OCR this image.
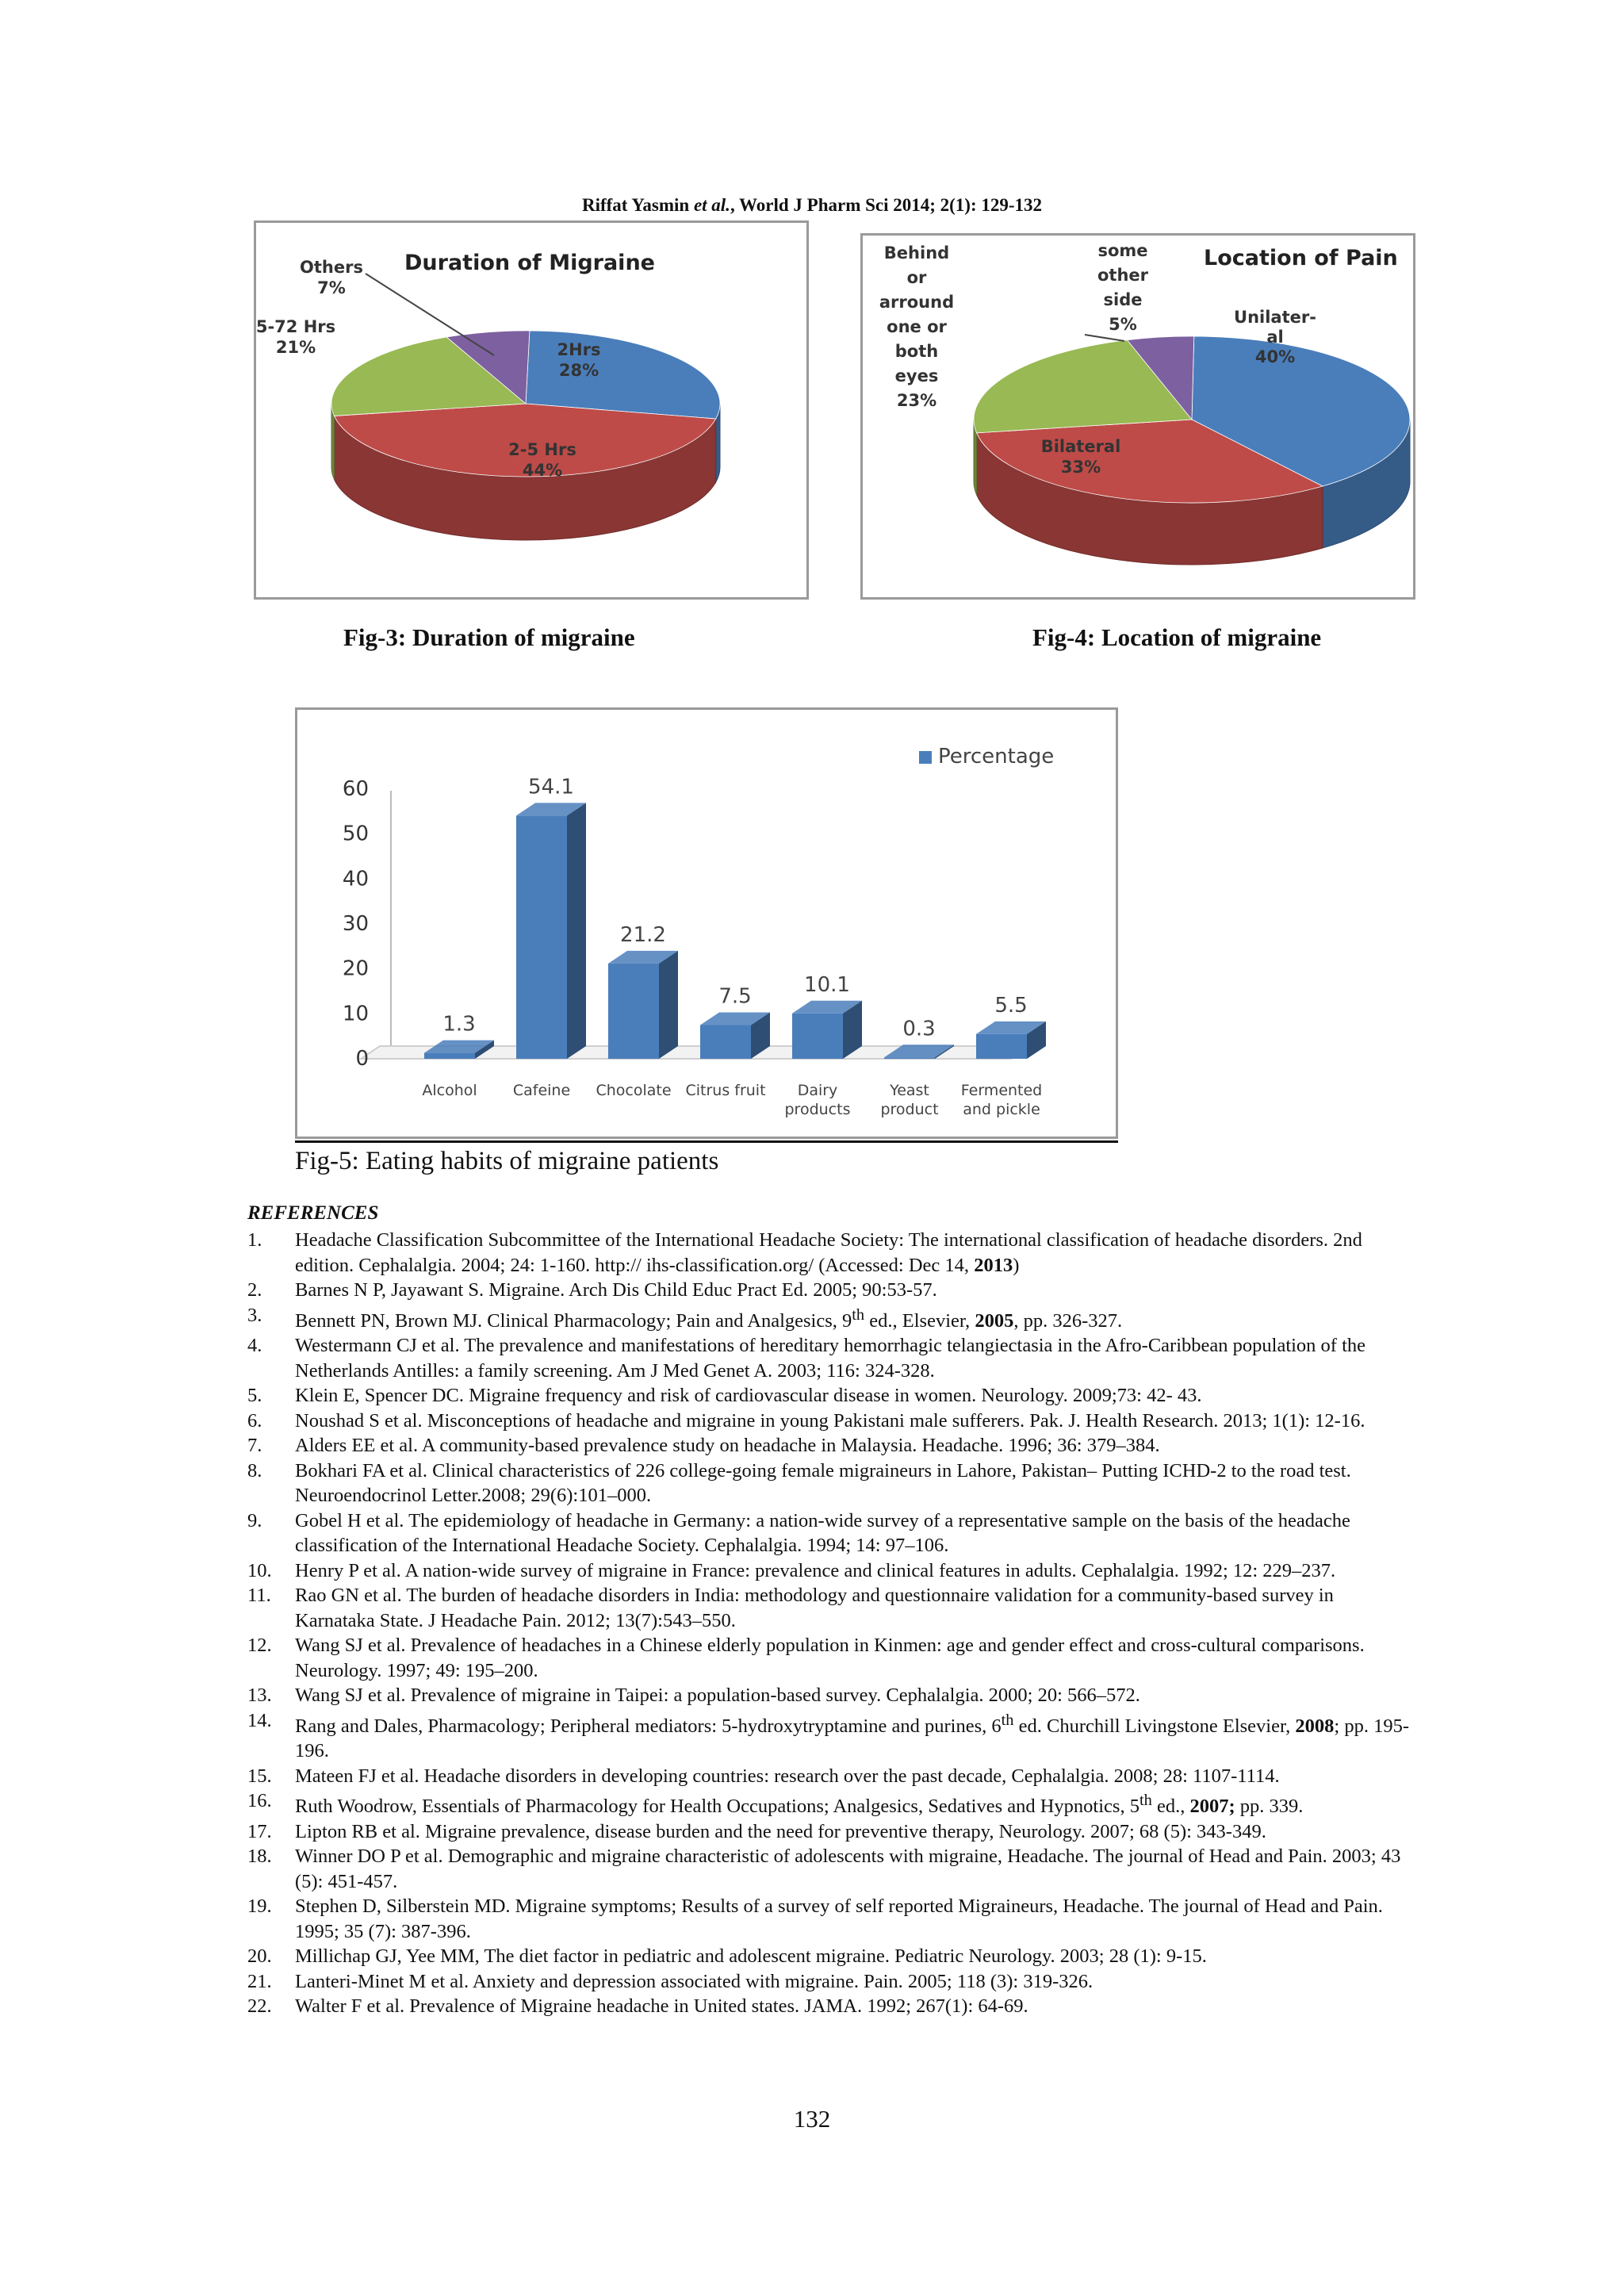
Riffat Yasmin et al., World J Pharm Sci 2014; 2(1): 129-132
Duration of Migraine
2Hrs 28%
2-5 Hrs 44%
5-72 Hrs 21%
Others 7%
Fig-3: Duration of migraine
Location of Pain
Unilater-al 40%
Bilateral 33%
Behind or arround one or both eyes 23%
some other side 5%
Fig-4: Location of migraine
0
10
20
30
40
50
60
Percentage
1.3
Alcohol
54.1
Cafeine
21.2
Chocolate
7.5
Citrus fruit
10.1
Dairy products
0.3
Yeast product
5.5
Fermented and pickle
Fig-5: Eating habits of migraine patients
REFERENCES
1. Headache Classification Subcommittee of the International Headache Society: The international classification of headache disorders. 2nd edition. Cephalalgia. 2004; 24: 1-160. http:// ihs-classification.org/ (Accessed: Dec 14, 2013)
2. Barnes N P, Jayawant S. Migraine. Arch Dis Child Educ Pract Ed. 2005; 90:53-57.
3. Bennett PN, Brown MJ. Clinical Pharmacology; Pain and Analgesics, 9th ed., Elsevier, 2005, pp. 326-327.
4. Westermann CJ et al. The prevalence and manifestations of hereditary hemorrhagic telangiectasia in the Afro-Caribbean population of the Netherlands Antilles: a family screening. Am J Med Genet A. 2003; 116: 324-328.
5. Klein E, Spencer DC. Migraine frequency and risk of cardiovascular disease in women. Neurology. 2009;73: 42- 43.
6. Noushad S et al. Misconceptions of headache and migraine in young Pakistani male sufferers. Pak. J. Health Research. 2013; 1(1): 12-16.
7. Alders EE et al. A community-based prevalence study on headache in Malaysia. Headache. 1996; 36: 379–384.
8. Bokhari FA et al. Clinical characteristics of 226 college-going female migraineurs in Lahore, Pakistan– Putting ICHD-2 to the road test. Neuroendocrinol Letter.2008; 29(6):101–000.
9. Gobel H et al. The epidemiology of headache in Germany: a nation-wide survey of a representative sample on the basis of the headache classification of the International Headache Society. Cephalalgia. 1994; 14: 97–106.
10. Henry P et al. A nation-wide survey of migraine in France: prevalence and clinical features in adults. Cephalalgia. 1992; 12: 229–237.
11. Rao GN et al. The burden of headache disorders in India: methodology and questionnaire validation for a community-based survey in Karnataka State. J Headache Pain. 2012; 13(7):543–550.
12. Wang SJ et al. Prevalence of headaches in a Chinese elderly population in Kinmen: age and gender effect and cross-cultural comparisons. Neurology. 1997; 49: 195–200.
13. Wang SJ et al. Prevalence of migraine in Taipei: a population-based survey. Cephalalgia. 2000; 20: 566–572.
14. Rang and Dales, Pharmacology; Peripheral mediators: 5-hydroxytryptamine and purines, 6th ed. Churchill Livingstone Elsevier, 2008; pp. 195-196.
15. Mateen FJ et al. Headache disorders in developing countries: research over the past decade, Cephalalgia. 2008; 28: 1107-1114.
16. Ruth Woodrow, Essentials of Pharmacology for Health Occupations; Analgesics, Sedatives and Hypnotics, 5th ed., 2007; pp. 339.
17. Lipton RB et al. Migraine prevalence, disease burden and the need for preventive therapy, Neurology. 2007; 68 (5): 343-349.
18. Winner DO P et al. Demographic and migraine characteristic of adolescents with migraine, Headache. The journal of Head and Pain. 2003; 43 (5): 451-457.
19. Stephen D, Silberstein MD. Migraine symptoms; Results of a survey of self reported Migraineurs, Headache. The journal of Head and Pain. 1995; 35 (7): 387-396.
20. Millichap GJ, Yee MM, The diet factor in pediatric and adolescent migraine. Pediatric Neurology. 2003; 28 (1): 9-15.
21. Lanteri-Minet M et al. Anxiety and depression associated with migraine. Pain. 2005; 118 (3): 319-326.
22. Walter F et al. Prevalence of Migraine headache in United states. JAMA. 1992; 267(1): 64-69.
132
